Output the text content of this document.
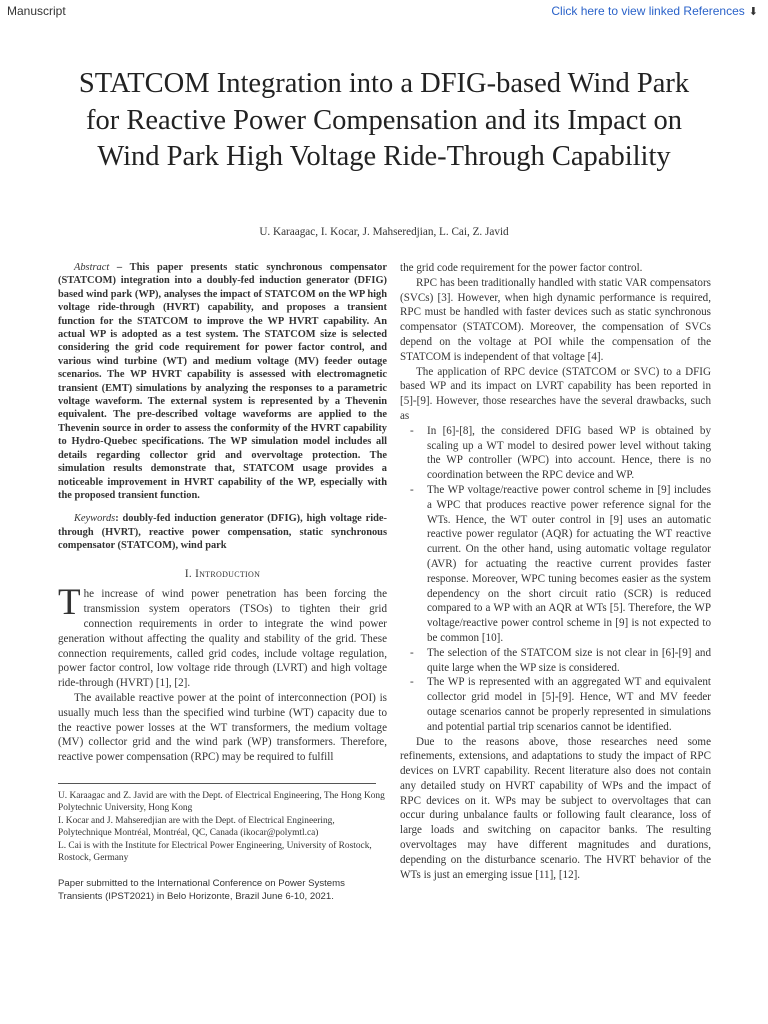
Manuscript	Click here to view linked References ⬇
STATCOM Integration into a DFIG-based Wind Park for Reactive Power Compensation and its Impact on Wind Park High Voltage Ride-Through Capability
U. Karaagac, I. Kocar, J. Mahseredjian, L. Cai, Z. Javid

Abstract – This paper presents static synchronous compensator (STATCOM) integration into a doubly-fed induction generator (DFIG) based wind park (WP), analyses the impact of STATCOM on the WP high voltage ride-through (HVRT) capability, and proposes a transient function for the STATCOM to improve the WP HVRT capability. An actual WP is adopted as a test system. The STATCOM size is selected considering the grid code requirement for power factor control, and various wind turbine (WT) and medium voltage (MV) feeder outage scenarios. The WP HVRT capability is assessed with electromagnetic transient (EMT) simulations by analyzing the responses to a parametric voltage waveform. The external system is represented by a Thevenin equivalent. The pre-described voltage waveforms are applied to the Thevenin source in order to assess the conformity of the HVRT capability to Hydro-Quebec specifications. The WP simulation model includes all details regarding collector grid and overvoltage protection. The simulation results demonstrate that, STATCOM usage provides a noticeable improvement in HVRT capability of the WP, especially with the proposed transient function.

Keywords: doubly-fed induction generator (DFIG), high voltage ride-through (HVRT), reactive power compensation, static synchronous compensator (STATCOM), wind park

I. Introduction

The increase of wind power penetration has been forcing the transmission system operators (TSOs) to tighten their grid connection requirements in order to integrate the wind power generation without affecting the quality and stability of the grid. These connection requirements, called grid codes, include voltage regulation, power factor control, low voltage ride through (LVRT) and high voltage ride-through (HVRT) [1], [2].

The available reactive power at the point of interconnection (POI) is usually much less than the specified wind turbine (WT) capacity due to the reactive power losses at the WT transformers, the medium voltage (MV) collector grid and the wind park (WP) transformers. Therefore, reactive power compensation (RPC) may be required to fulfill

U. Karaagac and Z. Javid are with the Dept. of Electrical Engineering, The Hong Kong Polytechnic University, Hong Kong

I. Kocar and J. Mahseredjian are with the Dept. of Electrical Engineering, Polytechnique Montréal, Montréal, QC, Canada (ikocar@polymtl.ca)

L. Cai is with the Institute for Electrical Power Engineering, University of Rostock, Rostock, Germany

Paper submitted to the International Conference on Power Systems Transients (IPST2021) in Belo Horizonte, Brazil June 6-10, 2021.

the grid code requirement for the power factor control.

RPC has been traditionally handled with static VAR compensators (SVCs) [3]. However, when high dynamic performance is required, RPC must be handled with faster devices such as static synchronous compensator (STATCOM). Moreover, the compensation of SVCs depend on the voltage at POI while the compensation of the STATCOM is independent of that voltage [4].

The application of RPC device (STATCOM or SVC) to a DFIG based WP and its impact on LVRT capability has been reported in [5]-[9]. However, those researches have the several drawbacks, such as

- In [6]-[8], the considered DFIG based WP is obtained by scaling up a WT model to desired power level without taking the WP controller (WPC) into account. Hence, there is no coordination between the RPC device and WP.
- The WP voltage/reactive power control scheme in [9] includes a WPC that produces reactive power reference signal for the WTs. Hence, the WT outer control in [9] uses an automatic reactive power regulator (AQR) for actuating the WT reactive current. On the other hand, using automatic voltage regulator (AVR) for actuating the reactive current provides faster response. Moreover, WPC tuning becomes easier as the system dependency on the short circuit ratio (SCR) is reduced compared to a WP with an AQR at WTs [5]. Therefore, the WP voltage/reactive power control scheme in [9] is not expected to be common [10].
- The selection of the STATCOM size is not clear in [6]-[9] and quite large when the WP size is considered.
- The WP is represented with an aggregated WT and equivalent collector grid model in [5]-[9]. Hence, WT and MV feeder outage scenarios cannot be properly represented in simulations and potential partial trip scenarios cannot be identified.

Due to the reasons above, those researches need some refinements, extensions, and adaptations to study the impact of RPC devices on LVRT capability. Recent literature also does not contain any detailed study on HVRT capability of WPs and the impact of RPC devices on it. WPs may be subject to overvoltages that can occur during unbalance faults or following fault clearance, loss of large loads and switching on capacitor banks. The resulting overvoltages may have different magnitudes and durations, depending on the disturbance scenario. The HVRT behavior of the WTs is just an emerging issue [11], [12].
